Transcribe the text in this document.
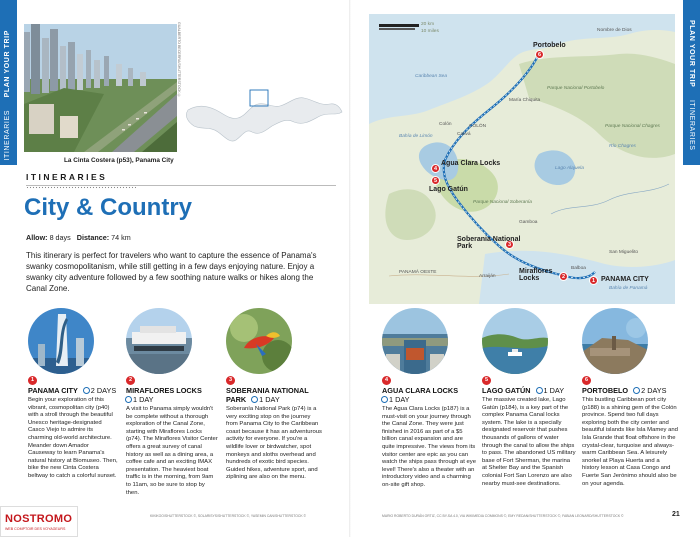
PLAN YOUR TRIP
ITINERARIES
PLAN YOUR TRIP
ITINERARIES
GUALBERTO BECERRA/SHUTTERSTOCK ©
La Cinta Costera (p53), Panama City
ITINERARIES
City & Country
Allow: 8 days Distance: 74 km
This itinerary is perfect for travelers who want to capture the essence of Panama's swanky cosmopolitanism, while still getting in a few days enjoying nature. Enjoy a swanky city adventure followed by a few soothing nature walks or hikes along the Canal Zone.
1
PANAMA CITY 2 DAYS
Begin your exploration of this vibrant, cosmopolitan city (p40) with a stroll through the beautiful Unesco heritage-designated Casco Viejo to admire its charming old-world architecture. Meander down Amador Causeway to learn Panama's natural history at Biomuseo. Then, bike the new Cinta Costera beltway to catch a colorful sunset.
2
MIRAFLORES LOCKS
1 DAY
A visit to Panama simply wouldn't be complete without a thorough exploration of the Canal Zone, starting with Miraflores Locks (p74). The Miraflores Visitor Center offers a great survey of canal history as well as a dining area, a coffee cafe and an exciting IMAX presentation. The heaviest boat traffic is in the morning, from 9am to 11am, so be sure to stop by then.
3
SOBERANIA NATIONAL PARK 1 DAY
Soberanía National Park (p74) is a very exciting stop on the journey from Panama City to the Caribbean coast because it has an adventurous activity for everyone. If you're a wildlife lover or birdwatcher, spot monkeys and sloths overhead and hundreds of exotic bird species. Guided hikes, adventure sport, and ziplining are also on the menu.
4
AGUA CLARA LOCKS
1 DAY
The Agua Clara Locks (p187) is a must-visit on your journey through the Canal Zone. They were just finished in 2016 as part of a $5 billion canal expansion and are quite impressive. The views from its visitor center are epic as you can watch the ships pass through at eye level! There's also a theater with an introductory video and a charming on-site gift shop.
5
LAGO GATÚN 1 DAY
The massive created lake, Lago Gatún (p184), is a key part of the complex Panama Canal locks system. The lake is a specially designated reservoir that pushes thousands of gallons of water through the canal to allow the ships to pass. The abandoned US military base of Fort Sherman, the marina at Shelter Bay and the Spanish colonial Fort San Lorenzo are also nearby must-see destinations.
6
PORTOBELO 2 DAYS
This bustling Caribbean port city (p188) is a shining gem of the Colón province. Spend two full days exploring both the city center and beautiful islands like Isla Mamey and Isla Grande that float offshore in the crystal-clear, turquoise and always-warm Caribbean Sea. A leisurely snorkel at Playa Huerta and a history lesson at Casa Congo and Fuerte San Jerónimo should also be on your agenda.
KIKIKOO/SHUTTERSTOCK ©, SOLARISYS/SHUTTERSTOCK ©, YASEMIN CAN/SHUTTERSTOCK ©	MARIO ROBERTO DURÁN ORTIZ, CC BY-SA 4.0, VIA WIKIMEDIA COMMONS ©, EMY REDAN/SHUTTERSTOCK ©, FABIAN LEONARD/SHUTTERSTOCK ©	21
20 km
10 miles
Caribbean Sea
COLÓN
PANAMÁ OESTE
Bahía de Panamá
Río Chagres
Lago Alajuela
Parque Nacional Portobelo
Parque Nacional Chagres
Parque Nacional Soberanía
Bahía de Limón	Cativá
Colón
Gamboa
Balboa
Arraiján
María Chiquita
Nombre de Dios
San Miguelito
6
Portobelo
4
Agua Clara Locks
5
Lago Gatún
3
Soberania National Park
2
Miraflores Locks	1 PANAMA CITY
NOSTROMO
WEB COMPTOIR DES VOYAGEURS
